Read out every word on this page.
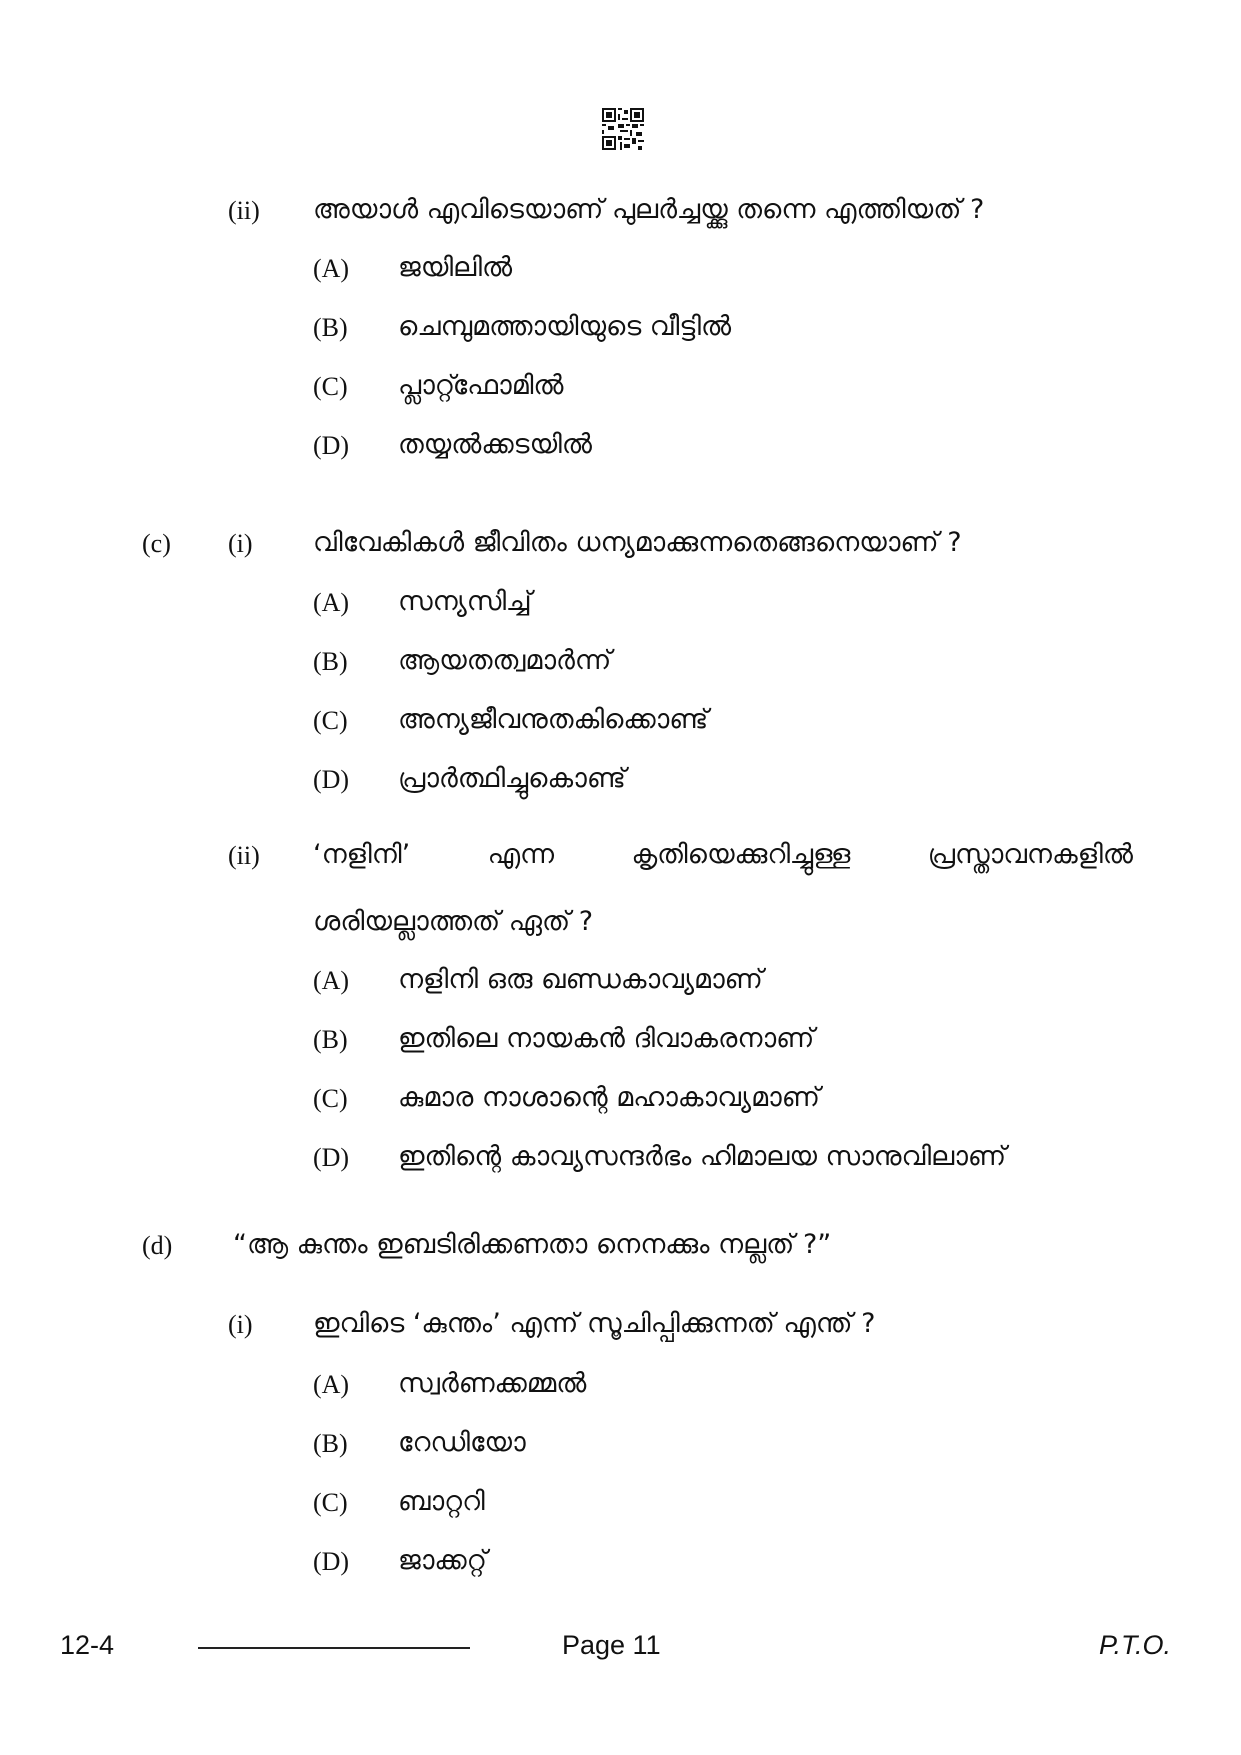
(ii) അയാൾ എവിടെയാണ് പുലർച്ചയ്ക്കു തന്നെ എത്തിയത് ?
(A) ജയിലിൽ
(B) ചെമ്പുമത്തായിയുടെ വീട്ടിൽ
(C) പ്ലാറ്റ്ഫോമിൽ
(D) തയ്യൽക്കടയിൽ
(c) (i) വിവേകികൾ ജീവിതം ധന്യമാക്കുന്നതെങ്ങനെയാണ് ?
(A) സന്യസിച്ച്
(B) ആയതത്വമാർന്ന്
(C) അന്യജീവനുതകിക്കൊണ്ട്
(D) പ്രാർത്ഥിച്ചുകൊണ്ട്
(ii) ‘നളിനി’	എന്ന	കൃതിയെക്കുറിച്ചുള്ള	പ്രസ്താവനകളിൽ
ശരിയല്ലാത്തത് ഏത് ?
(A) നളിനി ഒരു ഖണ്ഡകാവ്യമാണ്
(B) ഇതിലെ നായകൻ ദിവാകരനാണ്
(C) കുമാര നാശാന്റെ മഹാകാവ്യമാണ്
(D) ഇതിന്റെ കാവ്യസന്ദർഭം ഹിമാലയ സാനുവിലാണ്
(d) “ആ കുന്തം ഇബടിരിക്കണതാ നെനക്കും നല്ലത് ?”
(i) ഇവിടെ ‘കുന്തം’ എന്ന് സൂചിപ്പിക്കുന്നത് എന്ത് ?
(A) സ്വർണക്കമ്മൽ
(B) റേഡിയോ
(C) ബാറ്ററി
(D) ജാക്കറ്റ്
12-4	Page 11	P.T.O.
